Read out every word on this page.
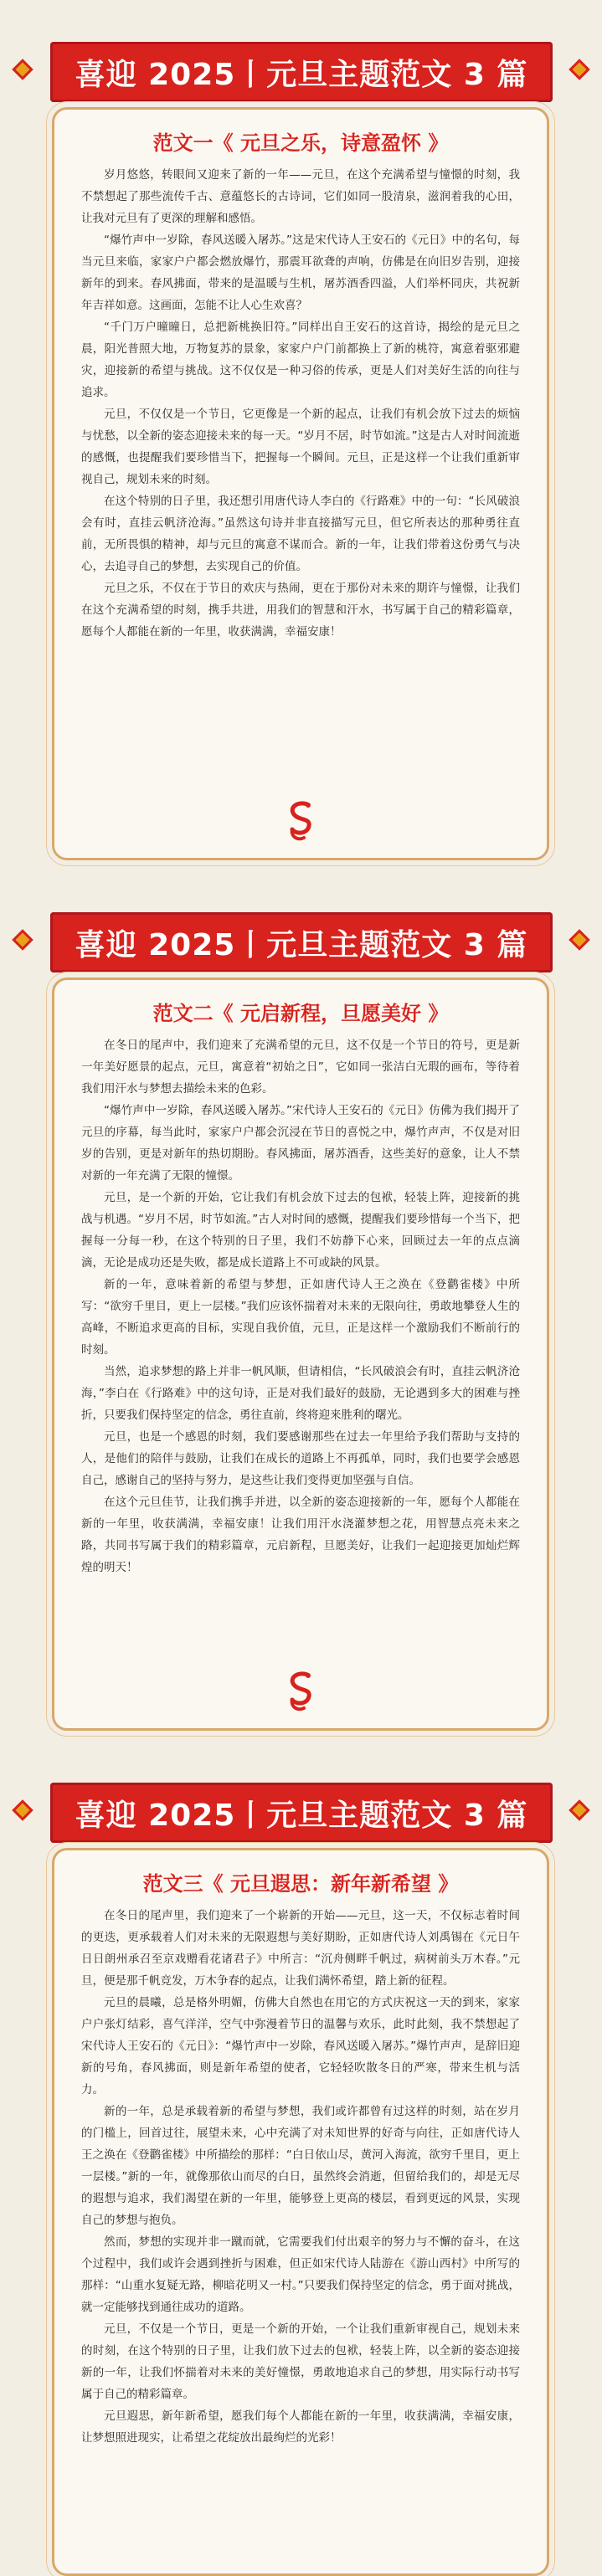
喜迎 2025丨元旦主题范文 3 篇
范文一《 元旦之乐，诗意盈怀 》

岁月悠悠，转眼间又迎来了新的一年——元旦，在这个充满希望与憧憬的时刻，我不禁想起了那些流传千古、意蕴悠长的古诗词，它们如同一股清泉，滋润着我的心田，让我对元旦有了更深的理解和感悟。

“爆竹声中一岁除，春风送暖入屠苏。”这是宋代诗人王安石的《元日》中的名句，每当元旦来临，家家户户都会燃放爆竹，那震耳欲聋的声响，仿佛是在向旧岁告别，迎接新年的到来。春风拂面，带来的是温暖与生机，屠苏酒香四溢，人们举杯同庆，共祝新年吉祥如意。这画面，怎能不让人心生欢喜？

“千门万户曈曈日，总把新桃换旧符。”同样出自王安石的这首诗，揭绘的是元旦之晨，阳光普照大地，万物复苏的景象，家家户户门前都换上了新的桃符，寓意着驱邪避灾，迎接新的希望与挑战。这不仅仅是一种习俗的传承，更是人们对美好生活的向往与追求。

元旦，不仅仅是一个节日，它更像是一个新的起点，让我们有机会放下过去的烦恼与忧愁，以全新的姿态迎接未来的每一天。“岁月不居，时节如流。”这是古人对时间流逝的感慨，也提醒我们要珍惜当下，把握每一个瞬间。元旦，正是这样一个让我们重新审视自己，规划未来的时刻。

在这个特别的日子里，我还想引用唐代诗人李白的《行路难》中的一句：“长风破浪会有时，直挂云帆济沧海。”虽然这句诗并非直接描写元旦，但它所表达的那种勇往直前，无所畏惧的精神，却与元旦的寓意不谋而合。新的一年，让我们带着这份勇气与决心，去追寻自己的梦想，去实现自己的价值。

元旦之乐，不仅在于节日的欢庆与热闹，更在于那份对未来的期许与憧憬，让我们在这个充满希望的时刻，携手共进，用我们的智慧和汗水，书写属于自己的精彩篇章，愿每个人都能在新的一年里，收获满满，幸福安康！

喜迎 2025丨元旦主题范文 3 篇
范文二《 元启新程，旦愿美好 》

在冬日的尾声中，我们迎来了充满希望的元旦，这不仅是一个节日的符号，更是新一年美好愿景的起点，元旦，寓意着“初始之日”，它如同一张洁白无瑕的画布，等待着我们用汗水与梦想去描绘未来的色彩。

“爆竹声中一岁除，春风送暖入屠苏。”宋代诗人王安石的《元日》仿佛为我们揭开了元旦的序幕，每当此时，家家户户都会沉浸在节日的喜悦之中，爆竹声声，不仅是对旧岁的告别，更是对新年的热切期盼。春风拂面，屠苏酒香，这些美好的意象，让人不禁对新的一年充满了无限的憧憬。

元旦，是一个新的开始，它让我们有机会放下过去的包袱，轻装上阵，迎接新的挑战与机遇。“岁月不居，时节如流。”古人对时间的感慨，提醒我们要珍惜每一个当下，把握每一分每一秒，在这个特别的日子里，我们不妨静下心来，回顾过去一年的点点滴滴，无论是成功还是失败，都是成长道路上不可或缺的风景。

新的一年，意味着新的希望与梦想，正如唐代诗人王之涣在《登鹳雀楼》中所写：“欲穷千里目，更上一层楼。”我们应该怀揣着对未来的无限向往，勇敢地攀登人生的高峰，不断追求更高的目标，实现自我价值，元旦，正是这样一个激励我们不断前行的时刻。

当然，追求梦想的路上并非一帆风顺，但请相信，“长风破浪会有时，直挂云帆济沧海，”李白在《行路难》中的这句诗，正是对我们最好的鼓励，无论遇到多大的困难与挫折，只要我们保持坚定的信念，勇往直前，终将迎来胜利的曙光。

元旦，也是一个感恩的时刻，我们要感谢那些在过去一年里给予我们帮助与支持的人，是他们的陪伴与鼓励，让我们在成长的道路上不再孤单，同时，我们也要学会感恩自己，感谢自己的坚持与努力，是这些让我们变得更加坚强与自信。

在这个元旦佳节，让我们携手并进，以全新的姿态迎接新的一年，愿每个人都能在新的一年里，收获满满，幸福安康！让我们用汗水浇灌梦想之花，用智慧点亮未来之路，共同书写属于我们的精彩篇章，元启新程，旦愿美好，让我们一起迎接更加灿烂辉煌的明天！

喜迎 2025丨元旦主题范文 3 篇
范文三《 元旦遐思：新年新希望 》

在冬日的尾声里，我们迎来了一个崭新的开始——元旦，这一天，不仅标志着时间的更迭，更承载着人们对未来的无限遐想与美好期盼，正如唐代诗人刘禹锡在《元日午日日朗州承召至京戏赠看花诸君子》中所言：“沉舟侧畔千帆过，病树前头万木春。”元旦，便是那千帆竞发，万木争春的起点，让我们满怀希望，踏上新的征程。

元旦的晨曦，总是格外明媚，仿佛大自然也在用它的方式庆祝这一天的到来，家家户户张灯结彩，喜气洋洋，空气中弥漫着节日的温馨与欢乐，此时此刻，我不禁想起了宋代诗人王安石的《元日》：“爆竹声中一岁除，春风送暖入屠苏。”爆竹声声，是辞旧迎新的号角，春风拂面，则是新年希望的使者，它轻轻吹散冬日的严寒，带来生机与活力。

新的一年，总是承载着新的希望与梦想，我们或许都曾有过这样的时刻，站在岁月的门槛上，回首过往，展望未来，心中充满了对未知世界的好奇与向往，正如唐代诗人王之涣在《登鹳雀楼》中所描绘的那样：“白日依山尽，黄河入海流，欲穷千里目，更上一层楼。”新的一年，就像那依山而尽的白日，虽然终会消逝，但留给我们的，却是无尽的遐想与追求，我们渴望在新的一年里，能够登上更高的楼层，看到更远的风景，实现自己的梦想与抱负。

然而，梦想的实现并非一蹴而就，它需要我们付出艰辛的努力与不懈的奋斗，在这个过程中，我们或许会遇到挫折与困难，但正如宋代诗人陆游在《游山西村》中所写的那样：“山重水复疑无路，柳暗花明又一村。”只要我们保持坚定的信念，勇于面对挑战，就一定能够找到通往成功的道路。

元旦，不仅是一个节日，更是一个新的开始，一个让我们重新审视自己，规划未来的时刻，在这个特别的日子里，让我们放下过去的包袱，轻装上阵，以全新的姿态迎接新的一年，让我们怀揣着对未来的美好憧憬，勇敢地追求自己的梦想，用实际行动书写属于自己的精彩篇章。

元旦遐思，新年新希望，愿我们每个人都能在新的一年里，收获满满，幸福安康，让梦想照进现实，让希望之花绽放出最绚烂的光彩！
